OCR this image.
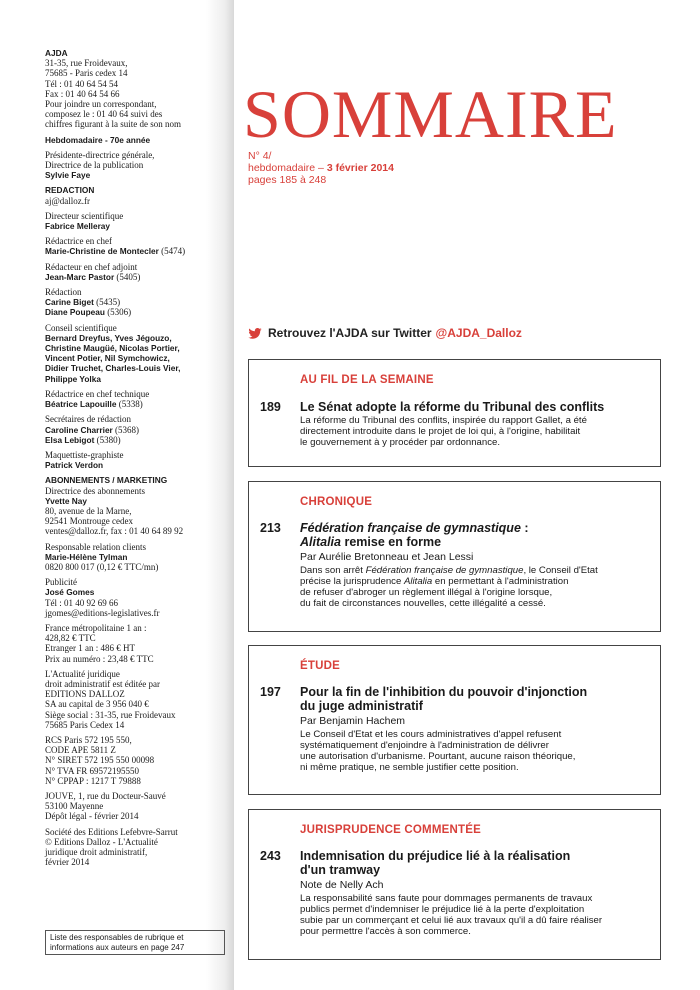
AJDA
31-35, rue Froidevaux,
75685 - Paris cedex 14
Tél : 01 40 64 54 54
Fax : 01 40 64 54 66
Pour joindre un correspondant,
composez le : 01 40 64 suivi des
chiffres figurant à la suite de son nom
Hebdomadaire - 70e année
Présidente-directrice générale,
Directrice de la publication
Sylvie Faye
REDACTION
aj@dalloz.fr
Directeur scientifique
Fabrice Melleray
Rédactrice en chef
Marie-Christine de Montecler (5474)
Rédacteur en chef adjoint
Jean-Marc Pastor (5405)
Rédaction
Carine Biget (5435)
Diane Poupeau (5306)
Conseil scientifique
Bernard Dreyfus, Yves Jégouzo,
Christine Maugüé, Nicolas Portier,
Vincent Potier, Nil Symchowicz,
Didier Truchet, Charles-Louis Vier,
Philippe Yolka
Rédactrice en chef technique
Béatrice Lapouille (5338)
Secrétaires de rédaction
Caroline Charrier (5368)
Elsa Lebigot (5380)
Maquettiste-graphiste
Patrick Verdon
ABONNEMENTS / MARKETING
Directrice des abonnements
Yvette Nay
80, avenue de la Marne,
92541 Montrouge cedex
ventes@dalloz.fr, fax : 01 40 64 89 92
Responsable relation clients
Marie-Hélène Tylman
0820 800 017 (0,12 € TTC/mn)
Publicité
José Gomes
Tél : 01 40 92 69 66
jgomes@editions-legislatives.fr
France métropolitaine 1 an :
428,82 € TTC
Etranger 1 an : 486 € HT
Prix au numéro : 23,48 € TTC
L'Actualité juridique
droit administratif est éditée par
EDITIONS DALLOZ
SA au capital de 3 956 040 €
Siège social : 31-35, rue Froidevaux
75685 Paris Cedex 14
RCS Paris 572 195 550,
CODE APE 5811 Z
N° SIRET 572 195 550 00098
N° TVA FR 69572195550
N° CPPAP : 1217 T 79888
JOUVE, 1, rue du Docteur-Sauvé
53100 Mayenne
Dépôt légal - février 2014
Société des Editions Lefebvre-Sarrut
© Editions Dalloz - L'Actualité
juridique droit administratif,
février 2014
Liste des responsables de rubrique et
informations aux auteurs en page 247
SOMMAIRE
N° 4/
hebdomadaire – 3 février 2014
pages 185 à 248
Retrouvez l'AJDA sur Twitter @AJDA_Dalloz
AU FIL DE LA SEMAINE
189 Le Sénat adopte la réforme du Tribunal des conflits
La réforme du Tribunal des conflits, inspirée du rapport Gallet, a été
directement introduite dans le projet de loi qui, à l'origine, habilitait
le gouvernement à y procéder par ordonnance.
CHRONIQUE
213 Fédération française de gymnastique :
Alitalia remise en forme
Par Aurélie Bretonneau et Jean Lessi
Dans son arrêt Fédération française de gymnastique, le Conseil d'Etat
précise la jurisprudence Alitalia en permettant à l'administration
de refuser d'abroger un règlement illégal à l'origine lorsque,
du fait de circonstances nouvelles, cette illégalité a cessé.
ÉTUDE
197 Pour la fin de l'inhibition du pouvoir d'injonction
du juge administratif
Par Benjamin Hachem
Le Conseil d'Etat et les cours administratives d'appel refusent
systématiquement d'enjoindre à l'administration de délivrer
une autorisation d'urbanisme. Pourtant, aucune raison théorique,
ni même pratique, ne semble justifier cette position.
JURISPRUDENCE COMMENTÉE
243 Indemnisation du préjudice lié à la réalisation
d'un tramway
Note de Nelly Ach
La responsabilité sans faute pour dommages permanents de travaux
publics permet d'indemniser le préjudice lié à la perte d'exploitation
subie par un commerçant et celui lié aux travaux qu'il a dû faire réaliser
pour permettre l'accès à son commerce.
